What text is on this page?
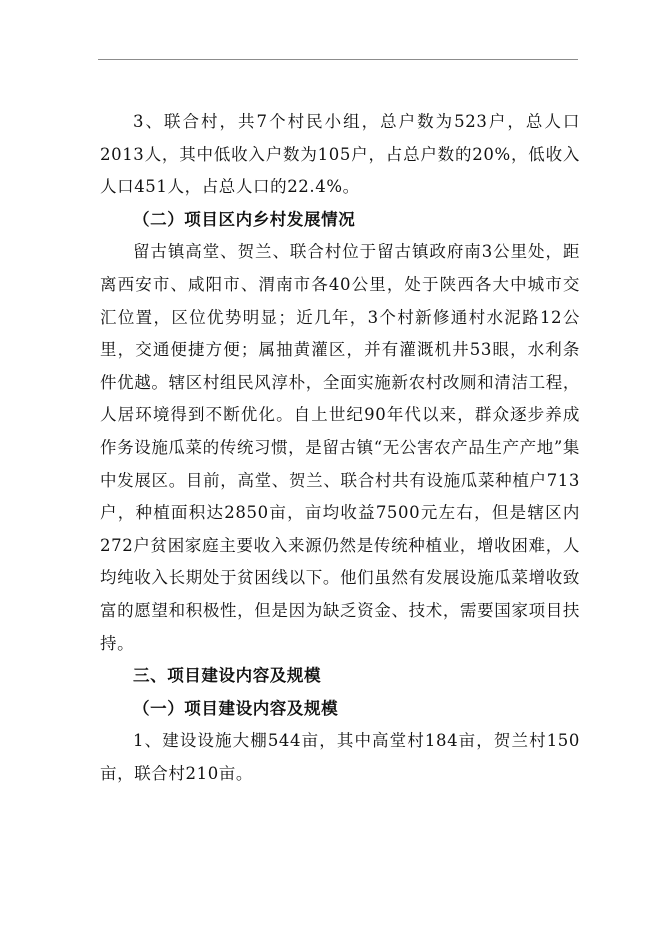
3、联合村，共7个村民小组，总户数为523户，总人口2013人，其中低收入户数为105户，占总户数的20%，低收入人口451人，占总人口的22.4%。

（二）项目区内乡村发展情况

留古镇高堂、贺兰、联合村位于留古镇政府南3公里处，距离西安市、咸阳市、渭南市各40公里，处于陕西各大中城市交汇位置，区位优势明显；近几年，3个村新修通村水泥路12公里，交通便捷方便；属抽黄灌区，并有灌溉机井53眼，水利条件优越。辖区村组民风淳朴，全面实施新农村改厕和清洁工程，人居环境得到不断优化。自上世纪90年代以来，群众逐步养成作务设施瓜菜的传统习惯，是留古镇“无公害农产品生产产地”集中发展区。目前，高堂、贺兰、联合村共有设施瓜菜种植户713户，种植面积达2850亩，亩均收益7500元左右，但是辖区内272户贫困家庭主要收入来源仍然是传统种植业，增收困难，人均纯收入长期处于贫困线以下。他们虽然有发展设施瓜菜增收致富的愿望和积极性，但是因为缺乏资金、技术，需要国家项目扶持。

三、项目建设内容及规模

（一）项目建设内容及规模

1、建设设施大棚544亩，其中高堂村184亩，贺兰村150亩，联合村210亩。
